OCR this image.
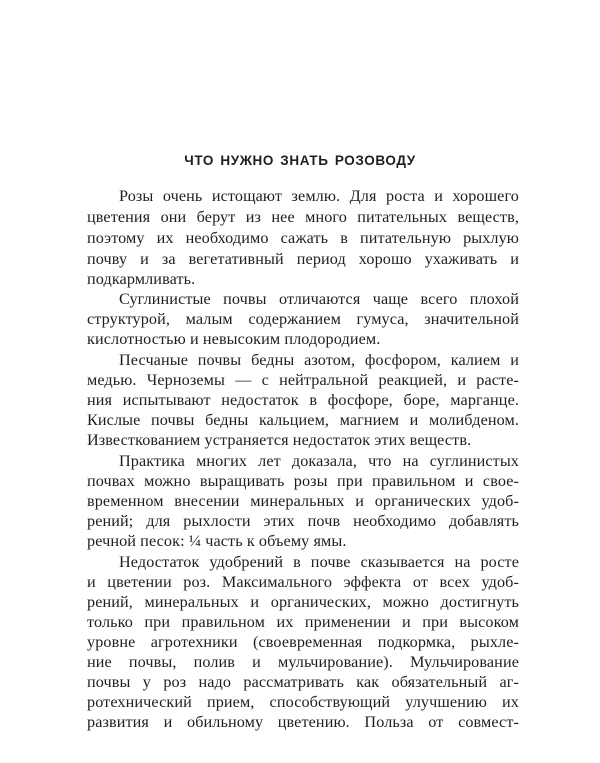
ЧТО НУЖНО ЗНАТЬ РОЗОВОДУ
Розы очень истощают землю. Для роста и хорошего
цветения они берут из нее много питательных веществ,
поэтому их необходимо сажать в питательную рыхлую
почву и за вегетативный период хорошо ухаживать и
подкармливать.
Суглинистые почвы отличаются чаще всего плохой
структурой, малым содержанием гумуса, значительной
кислотностью и невысоким плодородием.
Песчаные почвы бедны азотом, фосфором, калием и
медью. Черноземы — с нейтральной реакцией, и расте-
ния испытывают недостаток в фосфоре, боре, марганце.
Кислые почвы бедны кальцием, магнием и молибденом.
Известкованием устраняется недостаток этих веществ.
Практика многих лет доказала, что на суглинистых
почвах можно выращивать розы при правильном и свое-
временном внесении минеральных и органических удоб-
рений; для рыхлости этих почв необходимо добавлять
речной песок: ¼ часть к объему ямы.
Недостаток удобрений в почве сказывается на росте
и цветении роз. Максимального эффекта от всех удоб-
рений, минеральных и органических, можно достигнуть
только при правильном их применении и при высоком
уровне агротехники (своевременная подкормка, рыхле-
ние почвы, полив и мульчирование). Мульчирование
почвы у роз надо рассматривать как обязательный аг-
ротехнический прием, способствующий улучшению их
развития и обильному цветению. Польза от совмест-
